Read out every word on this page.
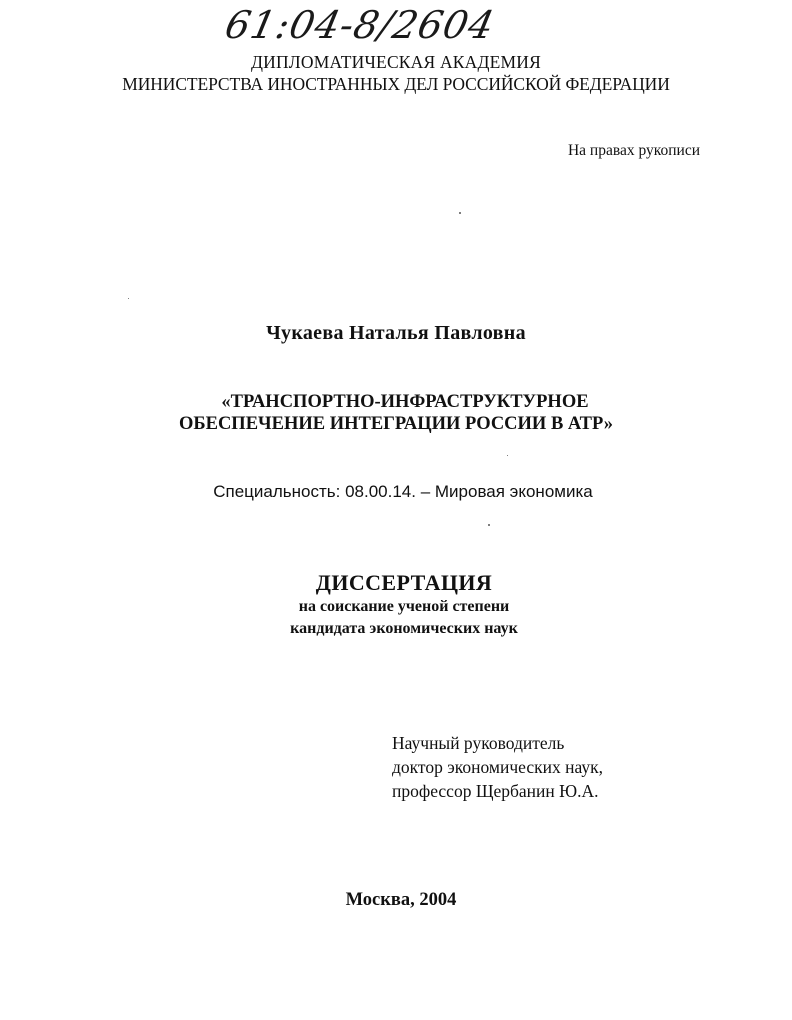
61:04-8/2604
ДИПЛОМАТИЧЕСКАЯ АКАДЕМИЯ
МИНИСТЕРСТВА ИНОСТРАННЫХ ДЕЛ РОССИЙСКОЙ ФЕДЕРАЦИИ
На правах рукописи
Чукаева Наталья Павловна
«ТРАНСПОРТНО-ИНФРАСТРУКТУРНОЕ
ОБЕСПЕЧЕНИЕ ИНТЕГРАЦИИ РОССИИ В АТР»
Специальность: 08.00.14. – Мировая экономика
ДИССЕРТАЦИЯ
на соискание ученой степени
кандидата экономических наук
Научный руководитель
доктор экономических наук,
профессор Щербанин Ю.А.
Москва, 2004
